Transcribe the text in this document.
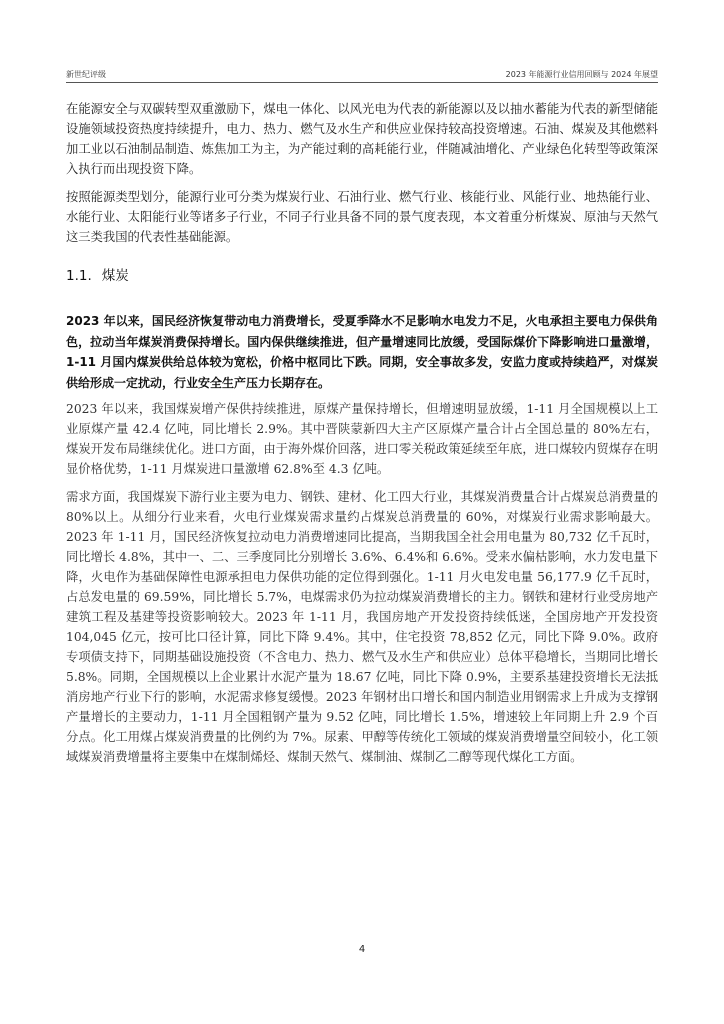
新世纪评级	2023 年能源行业信用回顾与 2024 年展望

在能源安全与双碳转型双重激励下，煤电一体化、以风光电为代表的新能源以及以抽水蓄能为代表的新型储能设施领域投资热度持续提升，电力、热力、燃气及水生产和供应业保持较高投资增速。石油、煤炭及其他燃料加工业以石油制品制造、炼焦加工为主，为产能过剩的高耗能行业，伴随减油增化、产业绿色化转型等政策深入执行而出现投资下降。

按照能源类型划分，能源行业可分类为煤炭行业、石油行业、燃气行业、核能行业、风能行业、地热能行业、水能行业、太阳能行业等诸多子行业，不同子行业具备不同的景气度表现，本文着重分析煤炭、原油与天然气这三类我国的代表性基础能源。

1.1. 煤炭

2023 年以来，国民经济恢复带动电力消费增长，受夏季降水不足影响水电发力不足，火电承担主要电力保供角色，拉动当年煤炭消费保持增长。国内保供继续推进，但产量增速同比放缓，受国际煤价下降影响进口量激增，1-11 月国内煤炭供给总体较为宽松，价格中枢同比下跌。同期，安全事故多发，安监力度或持续趋严，对煤炭供给形成一定扰动，行业安全生产压力长期存在。

2023 年以来，我国煤炭增产保供持续推进，原煤产量保持增长，但增速明显放缓，1-11 月全国规模以上工业原煤产量 42.4 亿吨，同比增长 2.9%。其中晋陕蒙新四大主产区原煤产量合计占全国总量的 80%左右，煤炭开发布局继续优化。进口方面，由于海外煤价回落，进口零关税政策延续至年底，进口煤较内贸煤存在明显价格优势，1-11 月煤炭进口量激增 62.8%至 4.3 亿吨。

需求方面，我国煤炭下游行业主要为电力、钢铁、建材、化工四大行业，其煤炭消费量合计占煤炭总消费量的 80%以上。从细分行业来看，火电行业煤炭需求量约占煤炭总消费量的 60%，对煤炭行业需求影响最大。2023 年 1-11 月，国民经济恢复拉动电力消费增速同比提高，当期我国全社会用电量为 80,732 亿千瓦时，同比增长 4.8%，其中一、二、三季度同比分别增长 3.6%、6.4%和 6.6%。受来水偏枯影响，水力发电量下降，火电作为基础保障性电源承担电力保供功能的定位得到强化。1-11 月火电发电量 56,177.9 亿千瓦时，占总发电量的 69.59%，同比增长 5.7%，电煤需求仍为拉动煤炭消费增长的主力。钢铁和建材行业受房地产建筑工程及基建等投资影响较大。2023 年 1-11 月，我国房地产开发投资持续低迷，全国房地产开发投资 104,045 亿元，按可比口径计算，同比下降 9.4%。其中，住宅投资 78,852 亿元，同比下降 9.0%。政府专项债支持下，同期基础设施投资（不含电力、热力、燃气及水生产和供应业）总体平稳增长，当期同比增长 5.8%。同期，全国规模以上企业累计水泥产量为 18.67 亿吨，同比下降 0.9%，主要系基建投资增长无法抵消房地产行业下行的影响，水泥需求修复缓慢。2023 年钢材出口增长和国内制造业用钢需求上升成为支撑钢产量增长的主要动力，1-11 月全国粗钢产量为 9.52 亿吨，同比增长 1.5%，增速较上年同期上升 2.9 个百分点。化工用煤占煤炭消费量的比例约为 7%。尿素、甲醇等传统化工领域的煤炭消费增量空间较小，化工领域煤炭消费增量将主要集中在煤制烯烃、煤制天然气、煤制油、煤制乙二醇等现代煤化工方面。

4
